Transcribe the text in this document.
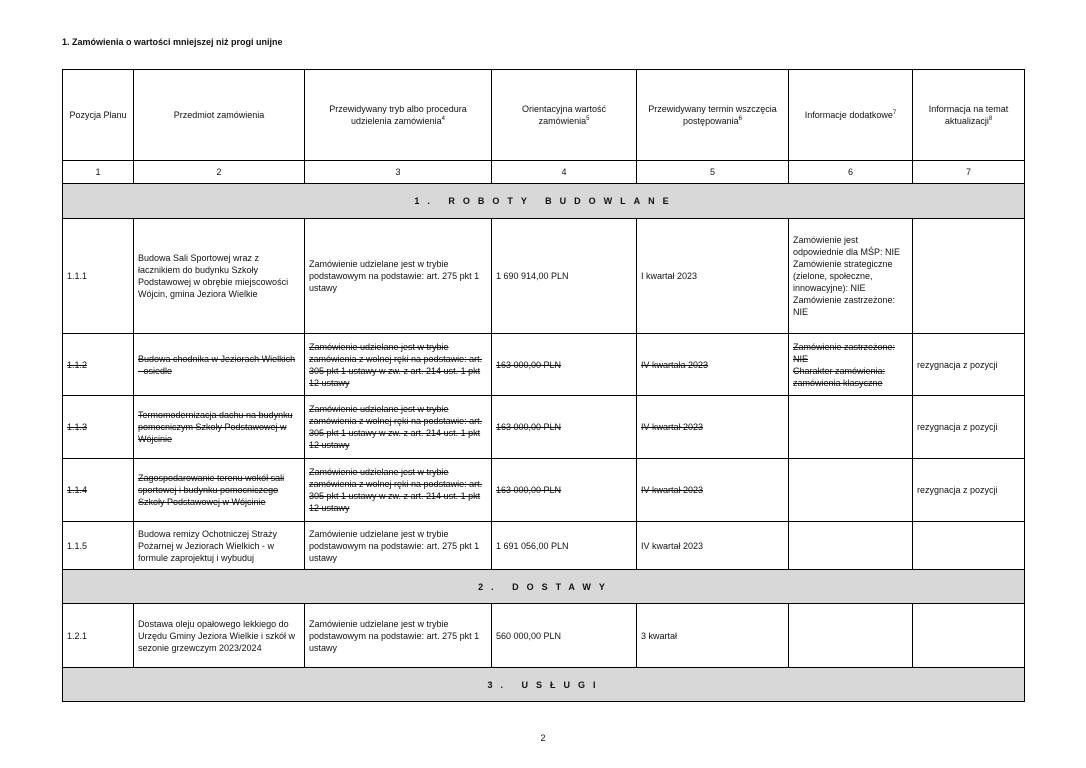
1. Zamówienia o wartości mniejszej niż progi unijne
Pozycja Planu	Przedmiot zamówienia	Przewidywany tryb albo procedura udzielenia zamówienia$^4$	Orientacyjna wartość zamówienia$^5$	Przewidywany termin wszczęcia postępowania$^6$	Informacje dodatkowe$^7$	Informacja na temat aktualizacji$^8$
1	2	3	4	5	6	7
1. ROBOTY BUDOWLANE						
1.1.1	Budowa Sali Sportowej wraz z łacznikiem do budynku Szkoły Podstawowej w obrębie miejscowości Wójcin, gmina Jeziora Wielkie	Zamówienie udzielane jest w trybie podstawowym na podstawie: art. 275 pkt 1 ustawy	1 690 914,00 PLN	I kwartał 2023	Zamówienie jest odpowiednie dla MŚP: NIE
Zamówienie strategiczne (zielone, społeczne, innowacyjne): NIE
Zamówienie zastrzeżone: NIE	
1.1.2	Budowa chodnika w Jeziorach Wielkich - osiedle	Zamówienie udzielane jest w trybie zamówienia z wolnej ręki na podstawie: art. 305 pkt 1 ustawy w zw. z art. 214 ust. 1 pkt 12 ustawy	163 000,00 PLN	IV kwartała 2023	Zamówienie zastrzeżone: NIE
Charakter zamówienia: zamówienia klasyczne	rezygnacja z pozycji
1.1.3	Termomodernizacja dachu na budynku pomocniczym Szkoły Podstawowej w Wójcinie	Zamówienie udzielane jest w trybie zamówienia z wolnej ręki na podstawie: art. 305 pkt 1 ustawy w zw. z art. 214 ust. 1 pkt 12 ustawy	163 000,00 PLN	IV kwartał 2023		rezygnacja z pozycji
1.1.4	Zagospodarowanie terenu wokół sali sportowej i budynku pomocniczego Szkoły Podstawowej w Wójcinie	Zamówienie udzielane jest w trybie zamówienia z wolnej ręki na podstawie: art. 305 pkt 1 ustawy w zw. z art. 214 ust. 1 pkt 12 ustawy	163 000,00 PLN	IV kwartał 2023		rezygnacja z pozycji
1.1.5	Budowa remizy Ochotniczej Straży Pożarnej w Jeziorach Wielkich - w formule zaprojektuj i wybuduj	Zamówienie udzielane jest w trybie podstawowym na podstawie: art. 275 pkt 1 ustawy	1 691 056,00 PLN	IV kwartał 2023		
2. DOSTAWY						
1.2.1	Dostawa oleju opałowego lekkiego do Urzędu Gminy Jeziora Wielkie i szkół w sezonie grzewczym 2023/2024	Zamówienie udzielane jest w trybie podstawowym na podstawie: art. 275 pkt 1 ustawy	560 000,00 PLN	3 kwartał		
3. USŁUGI						
2
